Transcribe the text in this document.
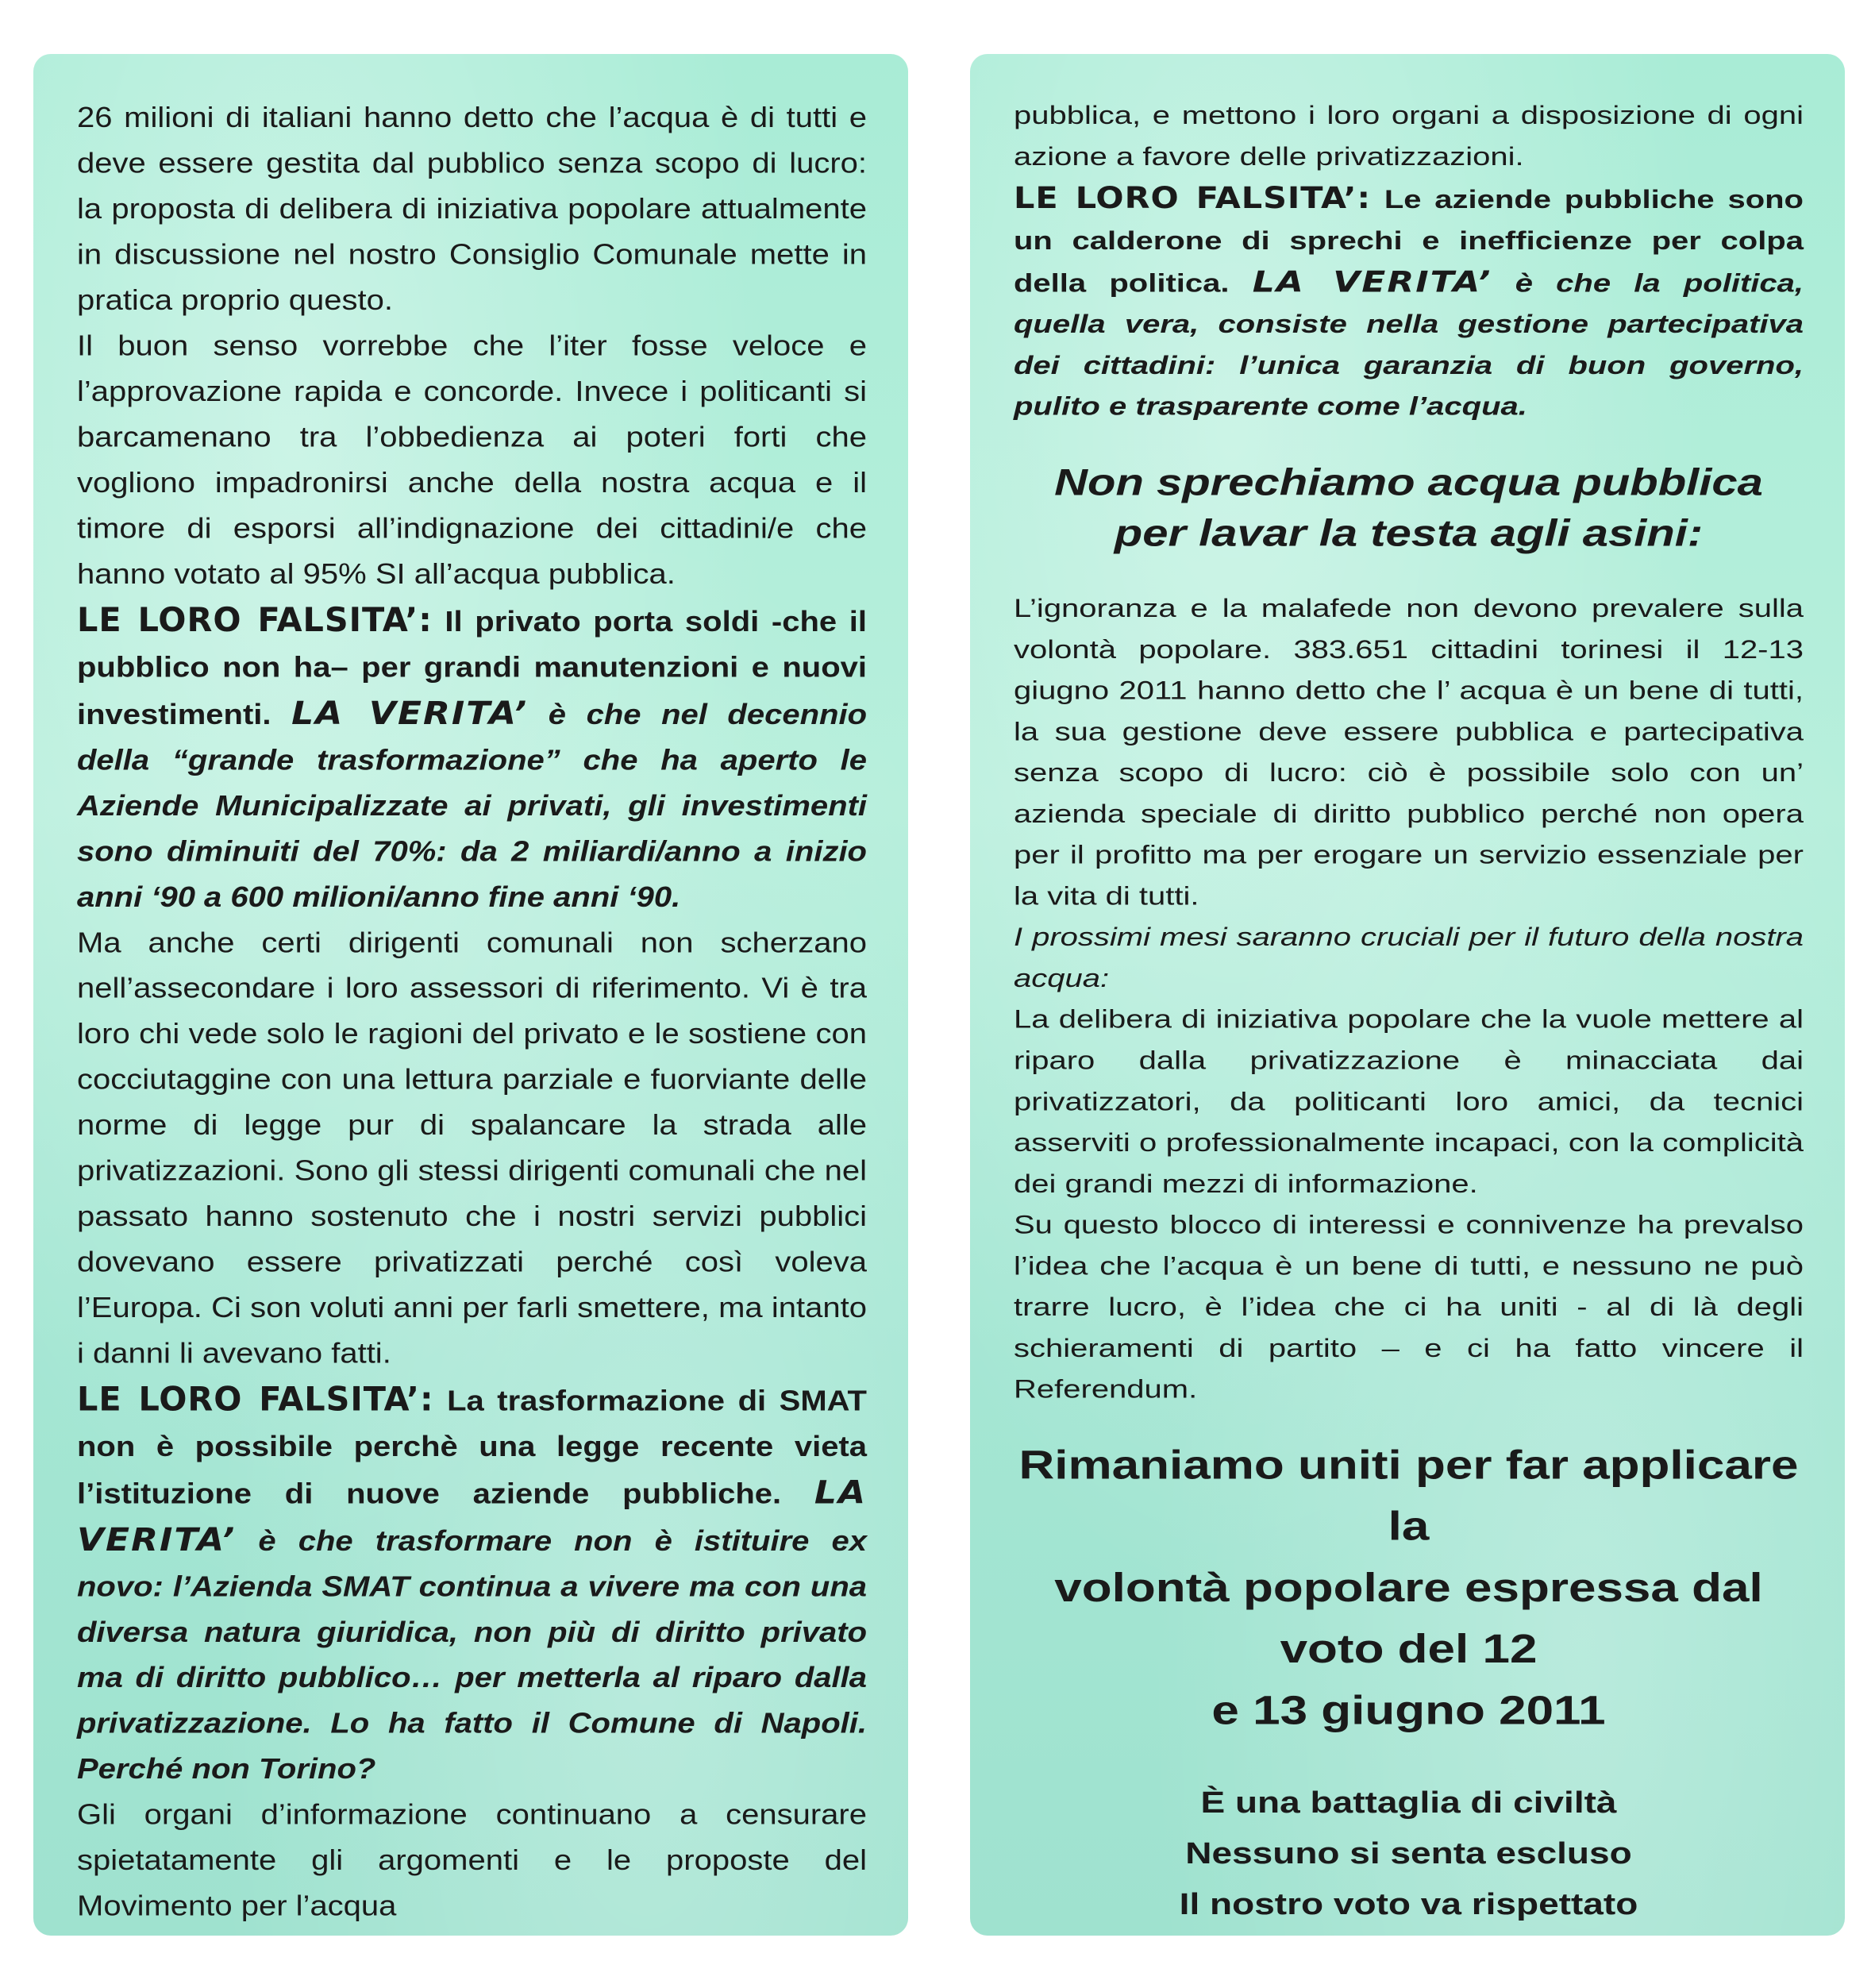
26 milioni di italiani hanno detto che l’acqua è di tutti e deve essere gestita dal pubblico senza scopo di lucro: la proposta di delibera di iniziativa popolare attualmente in discussione nel nostro Consiglio Comunale mette in pratica proprio questo.

Il buon senso vorrebbe che l’iter fosse veloce e l’approvazione rapida e concorde. Invece i politicanti si barcamenano tra l’obbedienza ai poteri forti che vogliono impadronirsi anche della nostra acqua e il timore di esporsi all’indignazione dei cittadini/e che hanno votato al 95% SI all’acqua pubblica.

LE LORO FALSITA’: Il privato porta soldi -che il pubblico non ha– per grandi manutenzioni e nuovi investimenti. LA VERITA’ è che nel decennio della “grande trasformazione” che ha aperto le Aziende Municipalizzate ai privati, gli investimenti sono diminuiti del 70%: da 2 miliardi/anno a inizio anni ‘90 a 600 milioni/anno fine anni ‘90.

Ma anche certi dirigenti comunali non scherzano nell’assecondare i loro assessori di riferimento. Vi è tra loro chi vede solo le ragioni del privato e le sostiene con cocciutaggine con una lettura parziale e fuorviante delle norme di legge pur di spalancare la strada alle privatizzazioni. Sono gli stessi dirigenti comunali che nel passato hanno sostenuto che i nostri servizi pubblici dovevano essere privatizzati perché così voleva l’Europa. Ci son voluti anni per farli smettere, ma intanto i danni li avevano fatti.

LE LORO FALSITA’: La trasformazione di SMAT non è possibile perchè una legge recente vieta l’istituzione di nuove aziende pubbliche. LA VERITA’ è che trasformare non è istituire ex novo: l’Azienda SMAT continua a vivere ma con una diversa natura giuridica, non più di diritto privato ma di diritto pubblico… per metterla al riparo dalla privatizzazione. Lo ha fatto il Comune di Napoli. Perché non Torino?

Gli organi d’informazione continuano a censurare spietatamente gli argomenti e le proposte del Movimento per l’acqua

pubblica, e mettono i loro organi a disposizione di ogni azione a favore delle privatizzazioni.

LE LORO FALSITA’: Le aziende pubbliche sono un calderone di sprechi e inefficienze per colpa della politica. LA VERITA’ è che la politica, quella vera, consiste nella gestione partecipativa dei cittadini: l’unica garanzia di buon governo, pulito e trasparente come l’acqua.

Non sprechiamo acqua pubblica
per lavar la testa agli asini:

L’ignoranza e la malafede non devono prevalere sulla volontà popolare. 383.651 cittadini torinesi il 12-13 giugno 2011 hanno detto che l’ acqua è un bene di tutti, la sua gestione deve essere pubblica e partecipativa senza scopo di lucro: ciò è possibile solo con un’ azienda speciale di diritto pubblico perché non opera per il profitto ma per erogare un servizio essenziale per la vita di tutti.

I prossimi mesi saranno cruciali per il futuro della nostra acqua:

La delibera di iniziativa popolare che la vuole mettere al riparo dalla privatizzazione è minacciata dai privatizzatori, da politicanti loro amici, da tecnici asserviti o professionalmente incapaci, con la complicità dei grandi mezzi di informazione.

Su questo blocco di interessi e connivenze ha prevalso l’idea che l’acqua è un bene di tutti, e nessuno ne può trarre lucro, è l’idea che ci ha uniti - al di là degli schieramenti di partito – e ci ha fatto vincere il Referendum.

Rimaniamo uniti per far applicare la
volontà popolare espressa dal voto del 12
e 13 giugno 2011
È una battaglia di civiltà
Nessuno si senta escluso
Il nostro voto va rispettato
